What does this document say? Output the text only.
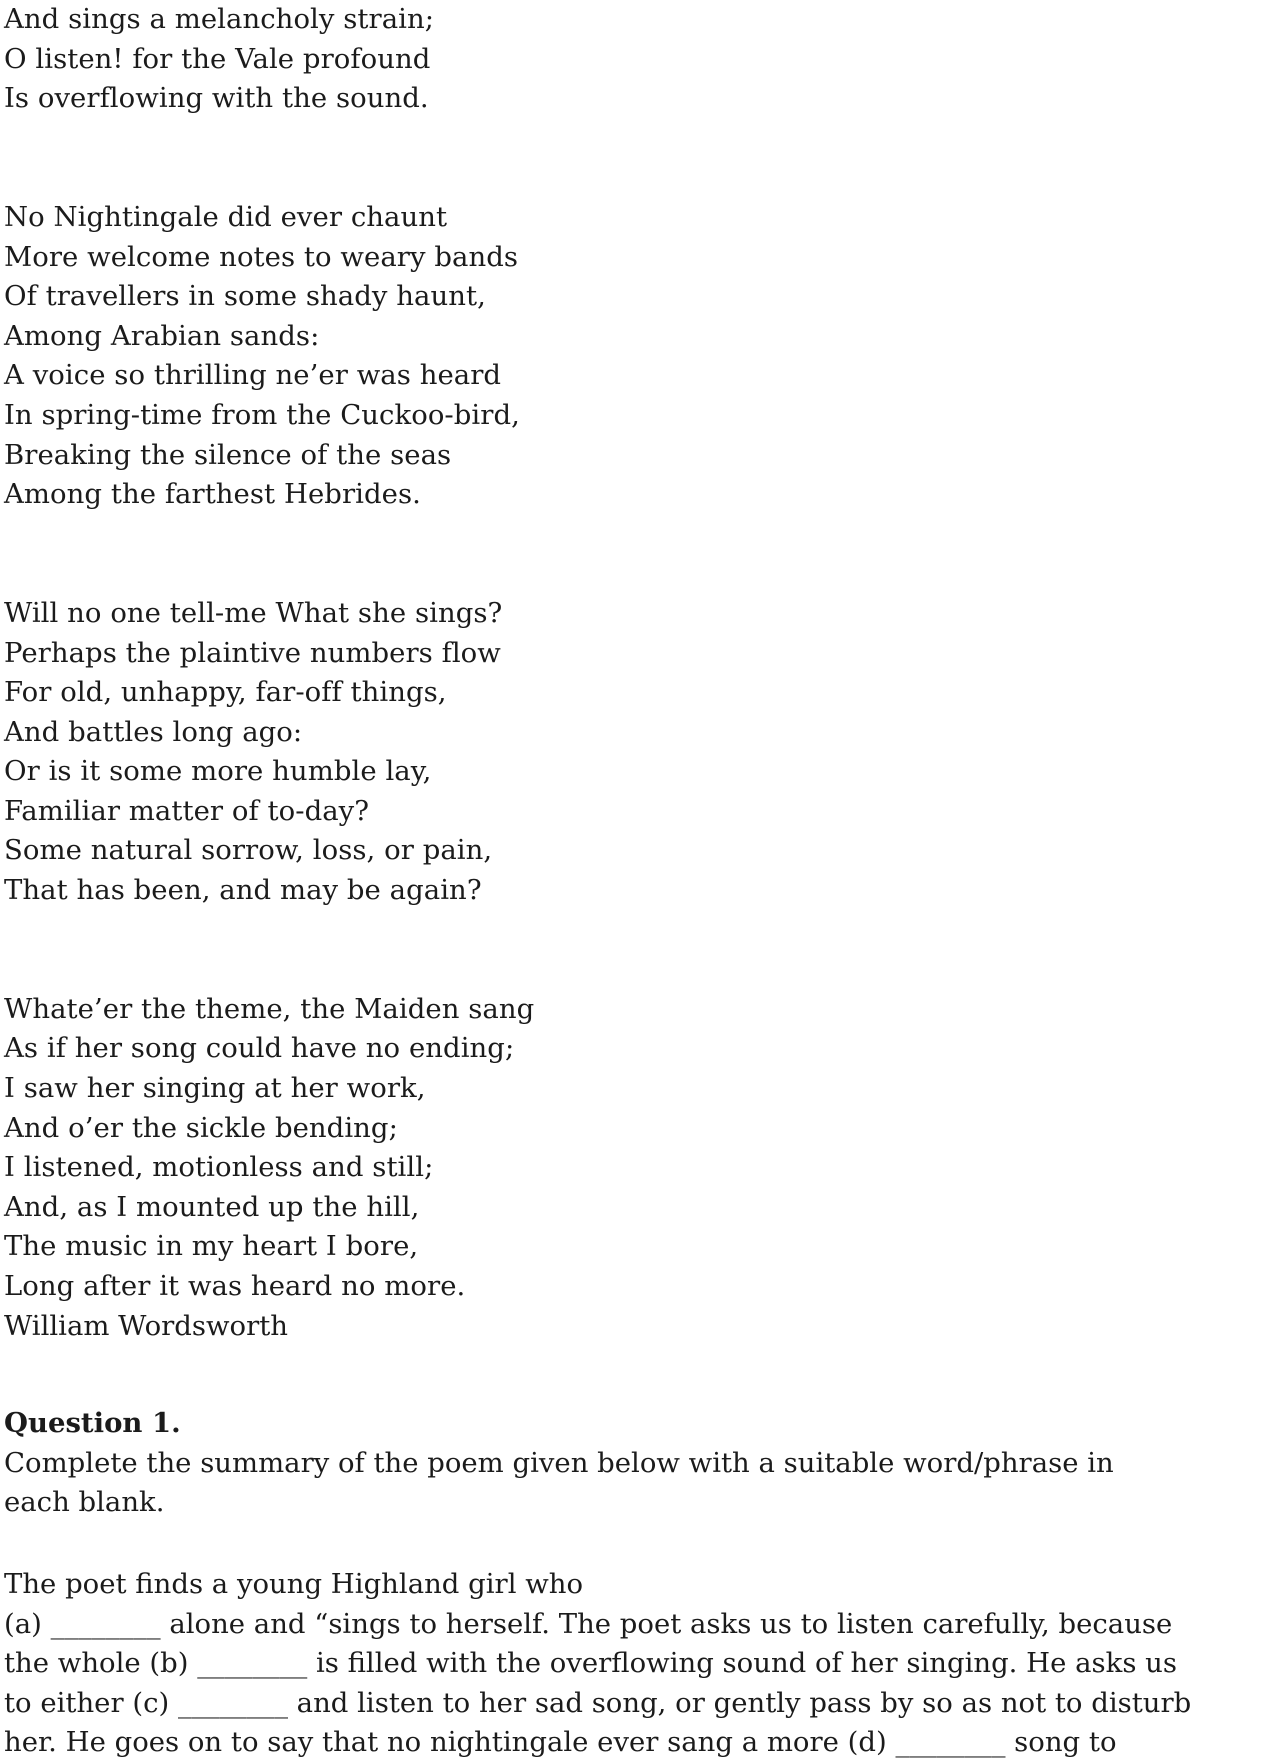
And sings a melancholy strain;
O listen! for the Vale profound
Is overflowing with the sound.
No Nightingale did ever chaunt
More welcome notes to weary bands
Of travellers in some shady haunt,
Among Arabian sands:
A voice so thrilling ne’er was heard
In spring-time from the Cuckoo-bird,
Breaking the silence of the seas
Among the farthest Hebrides.
Will no one tell-me What she sings?
Perhaps the plaintive numbers flow
For old, unhappy, far-off things,
And battles long ago:
Or is it some more humble lay,
Familiar matter of to-day?
Some natural sorrow, loss, or pain,
That has been, and may be again?
Whate’er the theme, the Maiden sang
As if her song could have no ending;
I saw her singing at her work,
And o’er the sickle bending;
I listened, motionless and still;
And, as I mounted up the hill,
The music in my heart I bore,
Long after it was heard no more.
William Wordsworth
Question 1.
Complete the summary of the poem given below with a suitable word/phrase in
each blank.
The poet finds a young Highland girl who
(a) ________ alone and “sings to herself. The poet asks us to listen carefully, because
the whole (b) ________ is filled with the overflowing sound of her singing. He asks us
to either (c) ________ and listen to her sad song, or gently pass by so as not to disturb
her. He goes on to say that no nightingale ever sang a more (d) ________ song to
